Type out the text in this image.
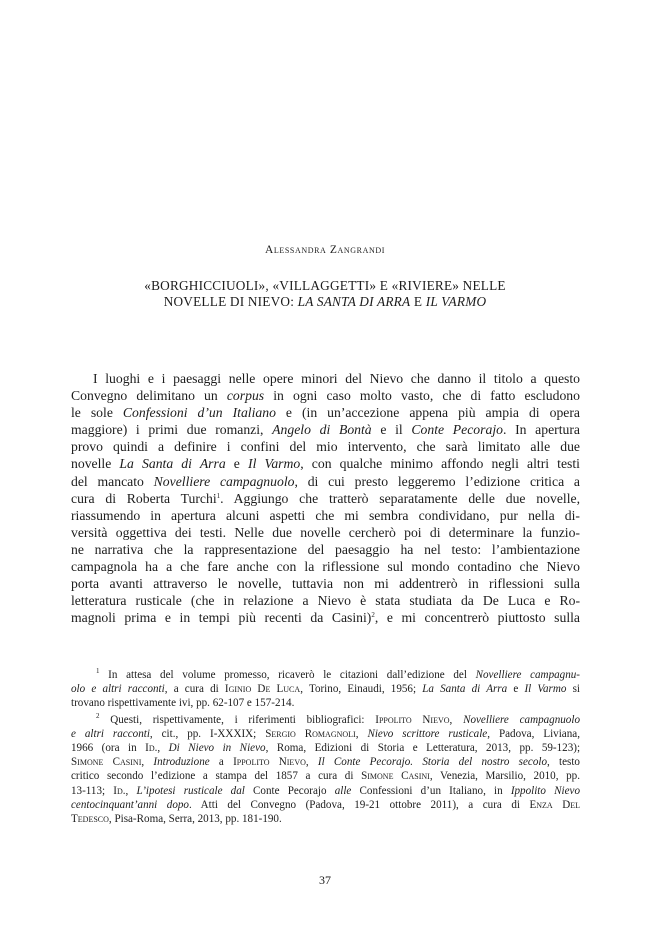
Alessandra Zangrandi
«BORGHICCIUOLI», «VILLAGGETTI» E «RIVIERE» NELLE
NOVELLE DI NIEVO: LA SANTA DI ARRA E IL VARMO
I luoghi e i paesaggi nelle opere minori del Nievo che danno il titolo a questo
Convegno delimitano un corpus in ogni caso molto vasto, che di fatto escludono
le sole Confessioni d’un Italiano e (in un’accezione appena più ampia di opera
maggiore) i primi due romanzi, Angelo di Bontà e il Conte Pecorajo. In apertura
provo quindi a definire i confini del mio intervento, che sarà limitato alle due
novelle La Santa di Arra e Il Varmo, con qualche minimo affondo negli altri testi
del mancato Novelliere campagnuolo, di cui presto leggeremo l’edizione critica a
cura di Roberta Turchi$^1$. Aggiungo che tratterò separatamente delle due novelle,
riassumendo in apertura alcuni aspetti che mi sembra condividano, pur nella di-
versità oggettiva dei testi. Nelle due novelle cercherò poi di determinare la funzio-
ne narrativa che la rappresentazione del paesaggio ha nel testo: l’ambientazione
campagnola ha a che fare anche con la riflessione sul mondo contadino che Nievo
porta avanti attraverso le novelle, tuttavia non mi addentrerò in riflessioni sulla
letteratura rusticale (che in relazione a Nievo è stata studiata da De Luca e Ro-
magnoli prima e in tempi più recenti da Casini)$^2$, e mi concentrerò piuttosto sulla
$^1$ In attesa del volume promesso, ricaverò le citazioni dall’edizione del Novelliere campagnu-
olo e altri racconti, a cura di Iginio De Luca, Torino, Einaudi, 1956; La Santa di Arra e Il Varmo si
trovano rispettivamente ivi, pp. 62-107 e 157-214.
$^2$ Questi, rispettivamente, i riferimenti bibliografici: Ippolito Nievo, Novelliere campagnuolo
e altri racconti, cit., pp. I-XXXIX; Sergio Romagnoli, Nievo scrittore rusticale, Padova, Liviana,
1966 (ora in Id., Di Nievo in Nievo, Roma, Edizioni di Storia e Letteratura, 2013, pp. 59-123);
Simone Casini, Introduzione a Ippolito Nievo, Il Conte Pecorajo. Storia del nostro secolo, testo
critico secondo l’edizione a stampa del 1857 a cura di Simone Casini, Venezia, Marsilio, 2010, pp.
13-113; Id., L’ipotesi rusticale dal Conte Pecorajo alle Confessioni d’un Italiano, in Ippolito Nievo
centocinquant’anni dopo. Atti del Convegno (Padova, 19-21 ottobre 2011), a cura di Enza Del
Tedesco, Pisa-Roma, Serra, 2013, pp. 181-190.
37
